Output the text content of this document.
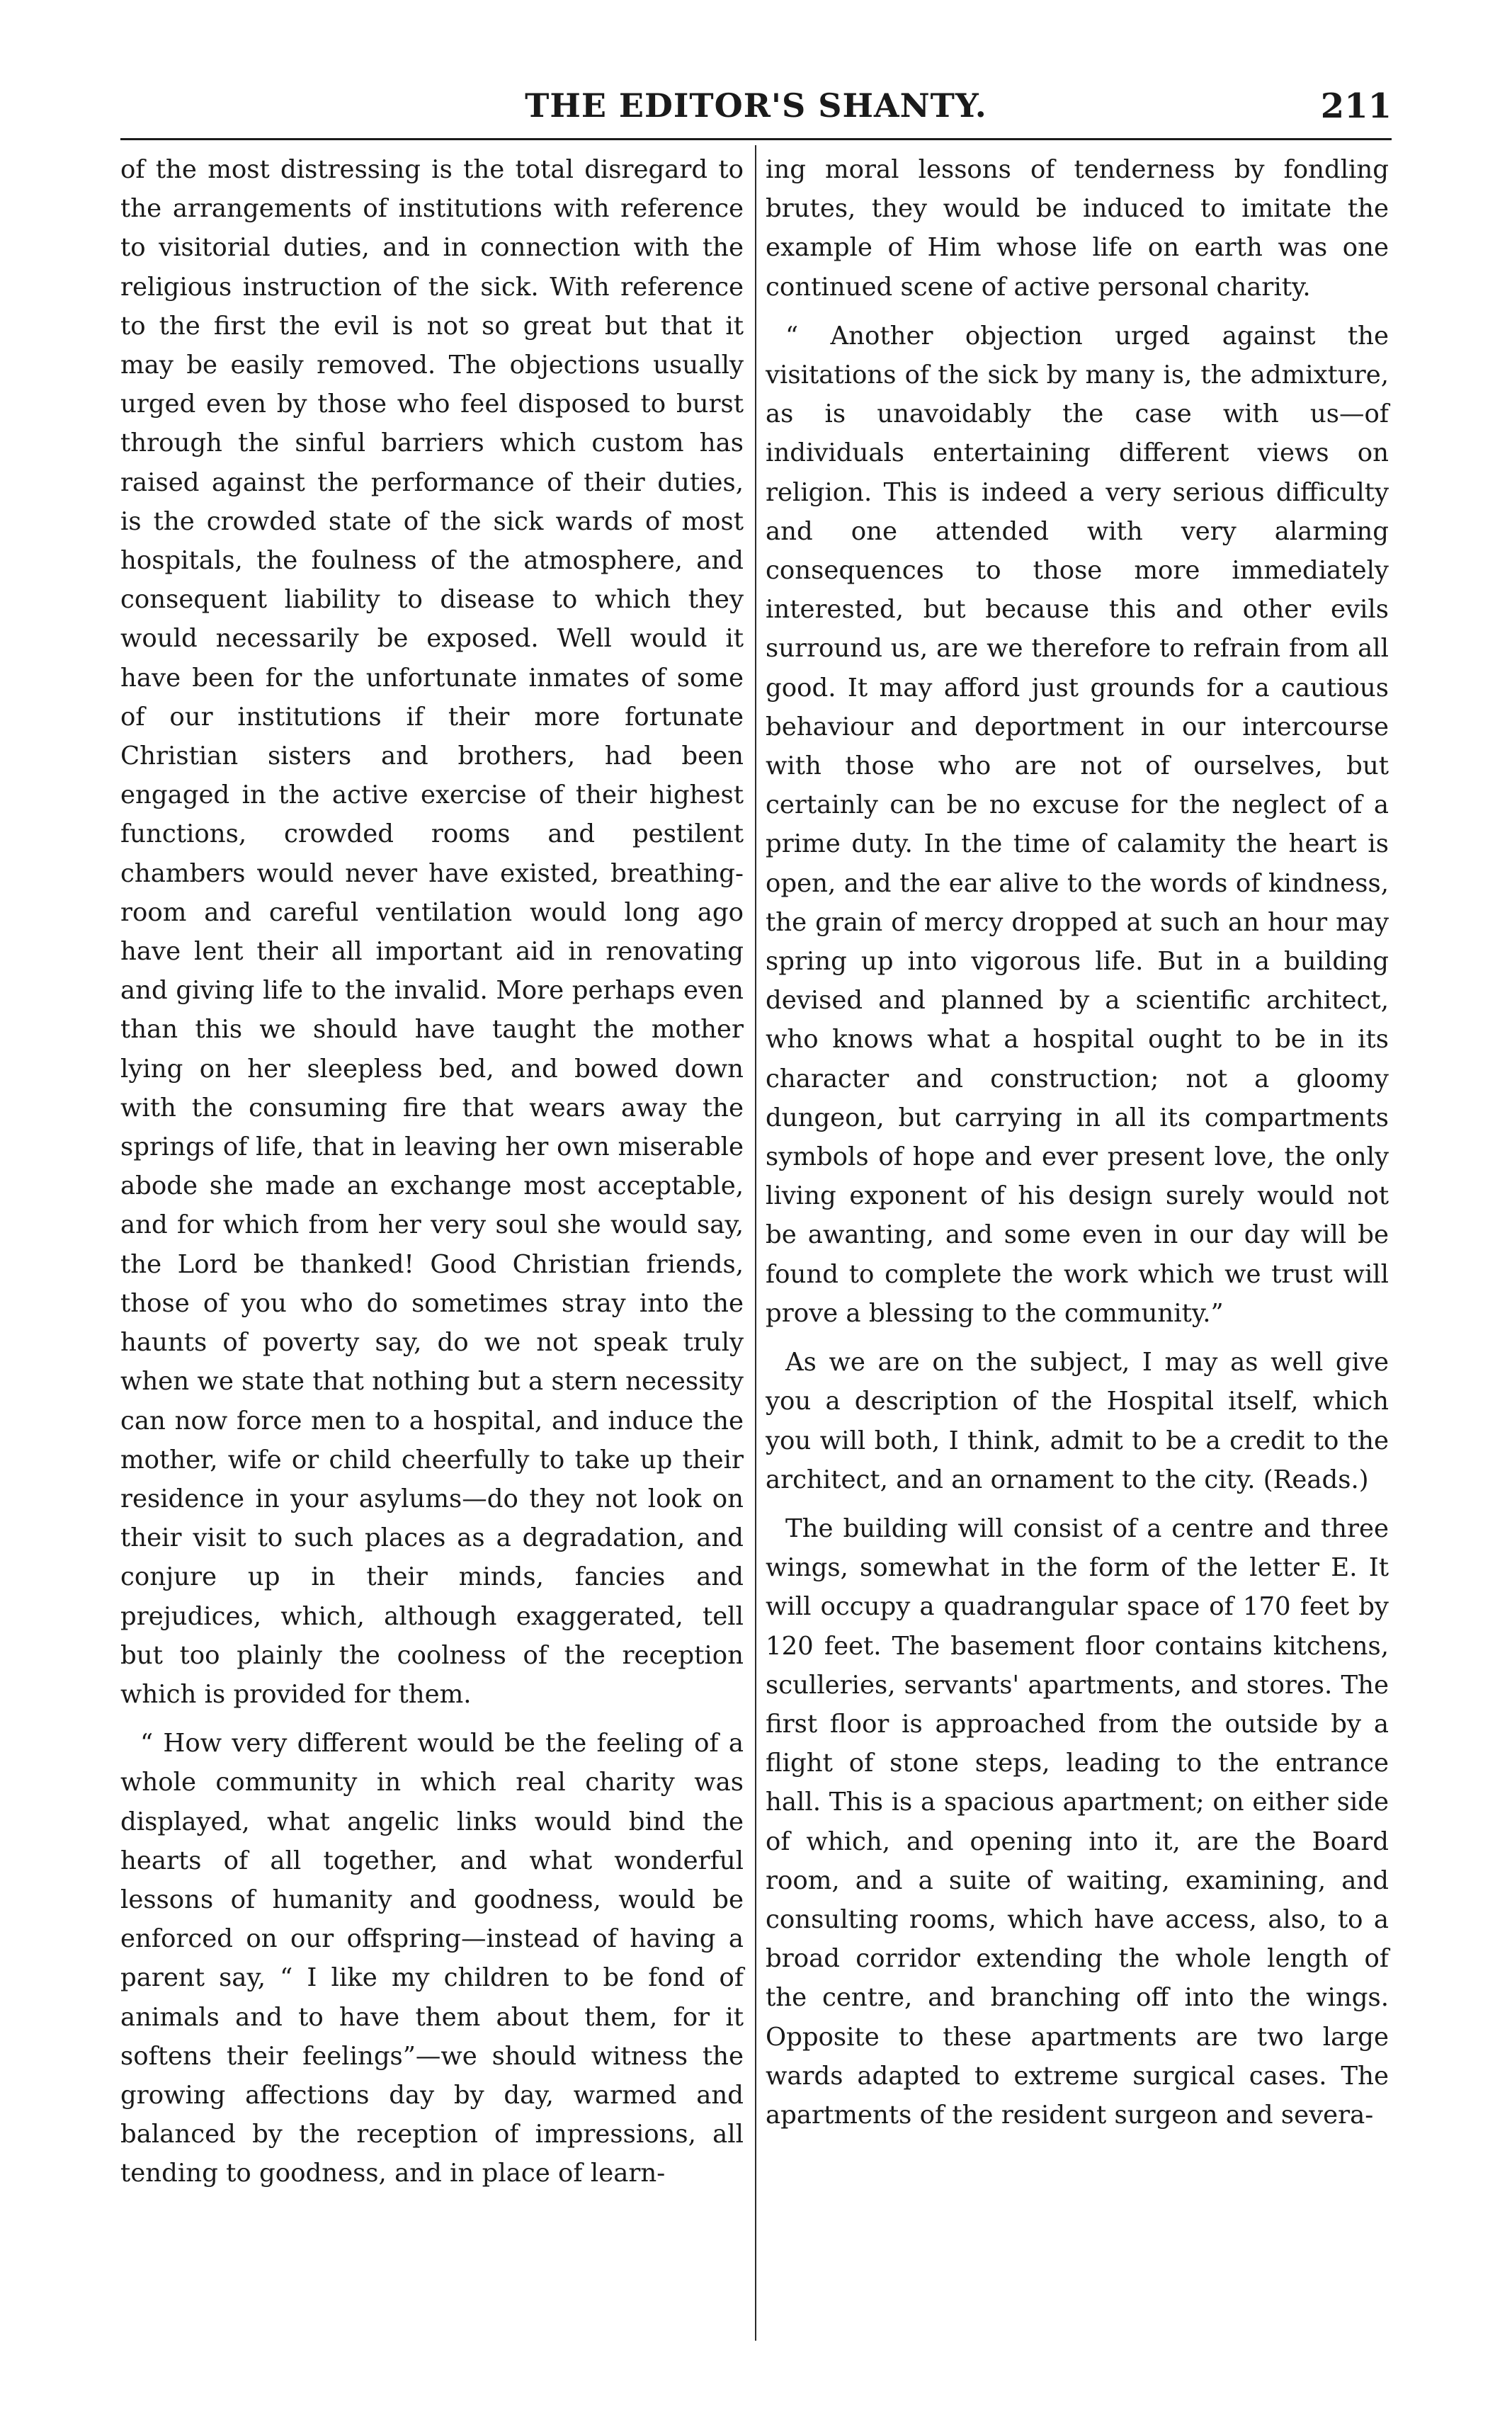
THE EDITOR'S SHANTY.	211

of the most distressing is the total disregard to the arrangements of institutions with reference to visitorial duties, and in connection with the religious instruction of the sick. With reference to the first the evil is not so great but that it may be easily removed. The objections usually urged even by those who feel disposed to burst through the sinful barriers which custom has raised against the performance of their duties, is the crowded state of the sick wards of most hospitals, the foulness of the atmosphere, and consequent liability to disease to which they would necessarily be exposed. Well would it have been for the unfortunate inmates of some of our institutions if their more fortunate Christian sisters and brothers, had been engaged in the active exercise of their highest functions, crowded rooms and pestilent chambers would never have existed, breathing-room and careful ventilation would long ago have lent their all important aid in renovating and giving life to the invalid. More perhaps even than this we should have taught the mother lying on her sleepless bed, and bowed down with the consuming fire that wears away the springs of life, that in leaving her own miserable abode she made an exchange most acceptable, and for which from her very soul she would say, the Lord be thanked! Good Christian friends, those of you who do sometimes stray into the haunts of poverty say, do we not speak truly when we state that nothing but a stern necessity can now force men to a hospital, and induce the mother, wife or child cheerfully to take up their residence in your asylums—do they not look on their visit to such places as a degradation, and conjure up in their minds, fancies and prejudices, which, although exaggerated, tell but too plainly the coolness of the reception which is provided for them.

“ How very different would be the feeling of a whole community in which real charity was displayed, what angelic links would bind the hearts of all together, and what wonderful lessons of humanity and goodness, would be enforced on our offspring—instead of having a parent say, “ I like my children to be fond of animals and to have them about them, for it softens their feelings”—we should witness the growing affections day by day, warmed and balanced by the reception of impressions, all tending to goodness, and in place of learn-

ing moral lessons of tenderness by fondling brutes, they would be induced to imitate the example of Him whose life on earth was one continued scene of active personal charity.

“ Another objection urged against the visitations of the sick by many is, the admixture, as is unavoidably the case with us—of individuals entertaining different views on religion. This is indeed a very serious difficulty and one attended with very alarming consequences to those more immediately interested, but because this and other evils surround us, are we therefore to refrain from all good. It may afford just grounds for a cautious behaviour and deportment in our intercourse with those who are not of ourselves, but certainly can be no excuse for the neglect of a prime duty. In the time of calamity the heart is open, and the ear alive to the words of kindness, the grain of mercy dropped at such an hour may spring up into vigorous life. But in a building devised and planned by a scientific architect, who knows what a hospital ought to be in its character and construction; not a gloomy dungeon, but carrying in all its compartments symbols of hope and ever present love, the only living exponent of his design surely would not be awanting, and some even in our day will be found to complete the work which we trust will prove a blessing to the community.”

As we are on the subject, I may as well give you a description of the Hospital itself, which you will both, I think, admit to be a credit to the architect, and an ornament to the city. (Reads.)

The building will consist of a centre and three wings, somewhat in the form of the letter E. It will occupy a quadrangular space of 170 feet by 120 feet. The basement floor contains kitchens, sculleries, servants' apartments, and stores. The first floor is approached from the outside by a flight of stone steps, leading to the entrance hall. This is a spacious apartment; on either side of which, and opening into it, are the Board room, and a suite of waiting, examining, and consulting rooms, which have access, also, to a broad corridor extending the whole length of the centre, and branching off into the wings. Opposite to these apartments are two large wards adapted to extreme surgical cases. The apartments of the resident surgeon and severa-
